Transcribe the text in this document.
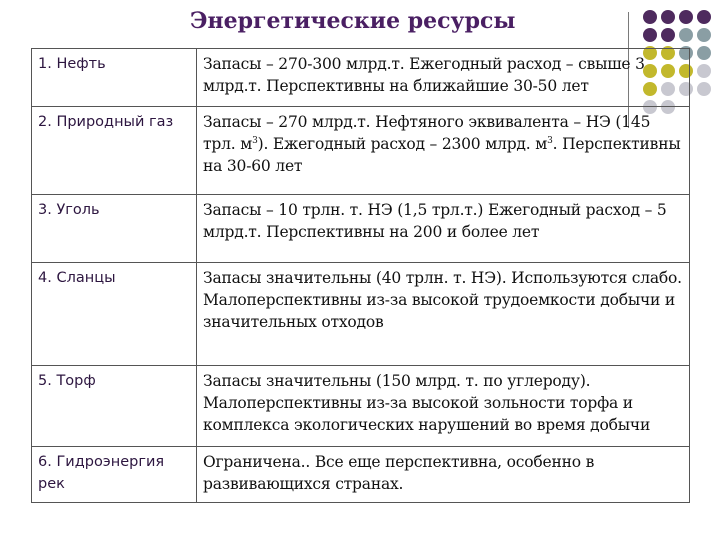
Энергетические ресурсы
1. Нефть	Запасы – 270-300 млрд.т. Ежегодный расход – свыше 3 млрд.т. Перспективны на ближайшие 30-50 лет
2. Природный газ	Запасы – 270 млрд.т. Нефтяного эквивалента – НЭ (145 трл. $м^3$). Ежегодный расход – 2300 млрд. $м^3$. Перспективны на 30-60 лет
3. Уголь	Запасы – 10 трлн. т. НЭ (1,5 трл.т.) Ежегодный расход – 5 млрд.т. Перспективны на 200 и более лет
4. Сланцы	Запасы значительны (40 трлн. т. НЭ). Используются слабо. Малоперспективны из-за высокой трудоемкости добычи и значительных отходов
5. Торф	Запасы значительны (150 млрд. т. по углероду). Малоперспективны из-за высокой зольности торфа и комплекса экологических нарушений во время добычи
6. Гидроэнергия рек	Ограничена.. Все еще перспективна, особенно в развивающихся странах.
